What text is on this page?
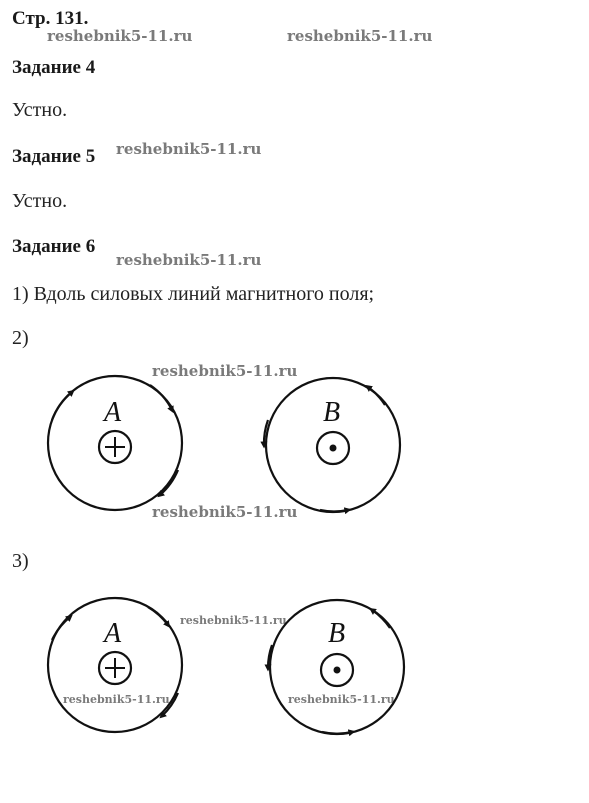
Стр. 131.
reshebnik5-11.ru	reshebnik5-11.ru
Задание 4
Устно.
Задание 5 reshebnik5-11.ru
Устно.
Задание 6
reshebnik5-11.ru
1) Вдоль силовых линий магнитного поля;
2)
reshebnik5-11.ru
reshebnik5-11.ru
3)
reshebnik5-11.ru
reshebnik5-11.ru	reshebnik5-11.ru
A	B
A	B
